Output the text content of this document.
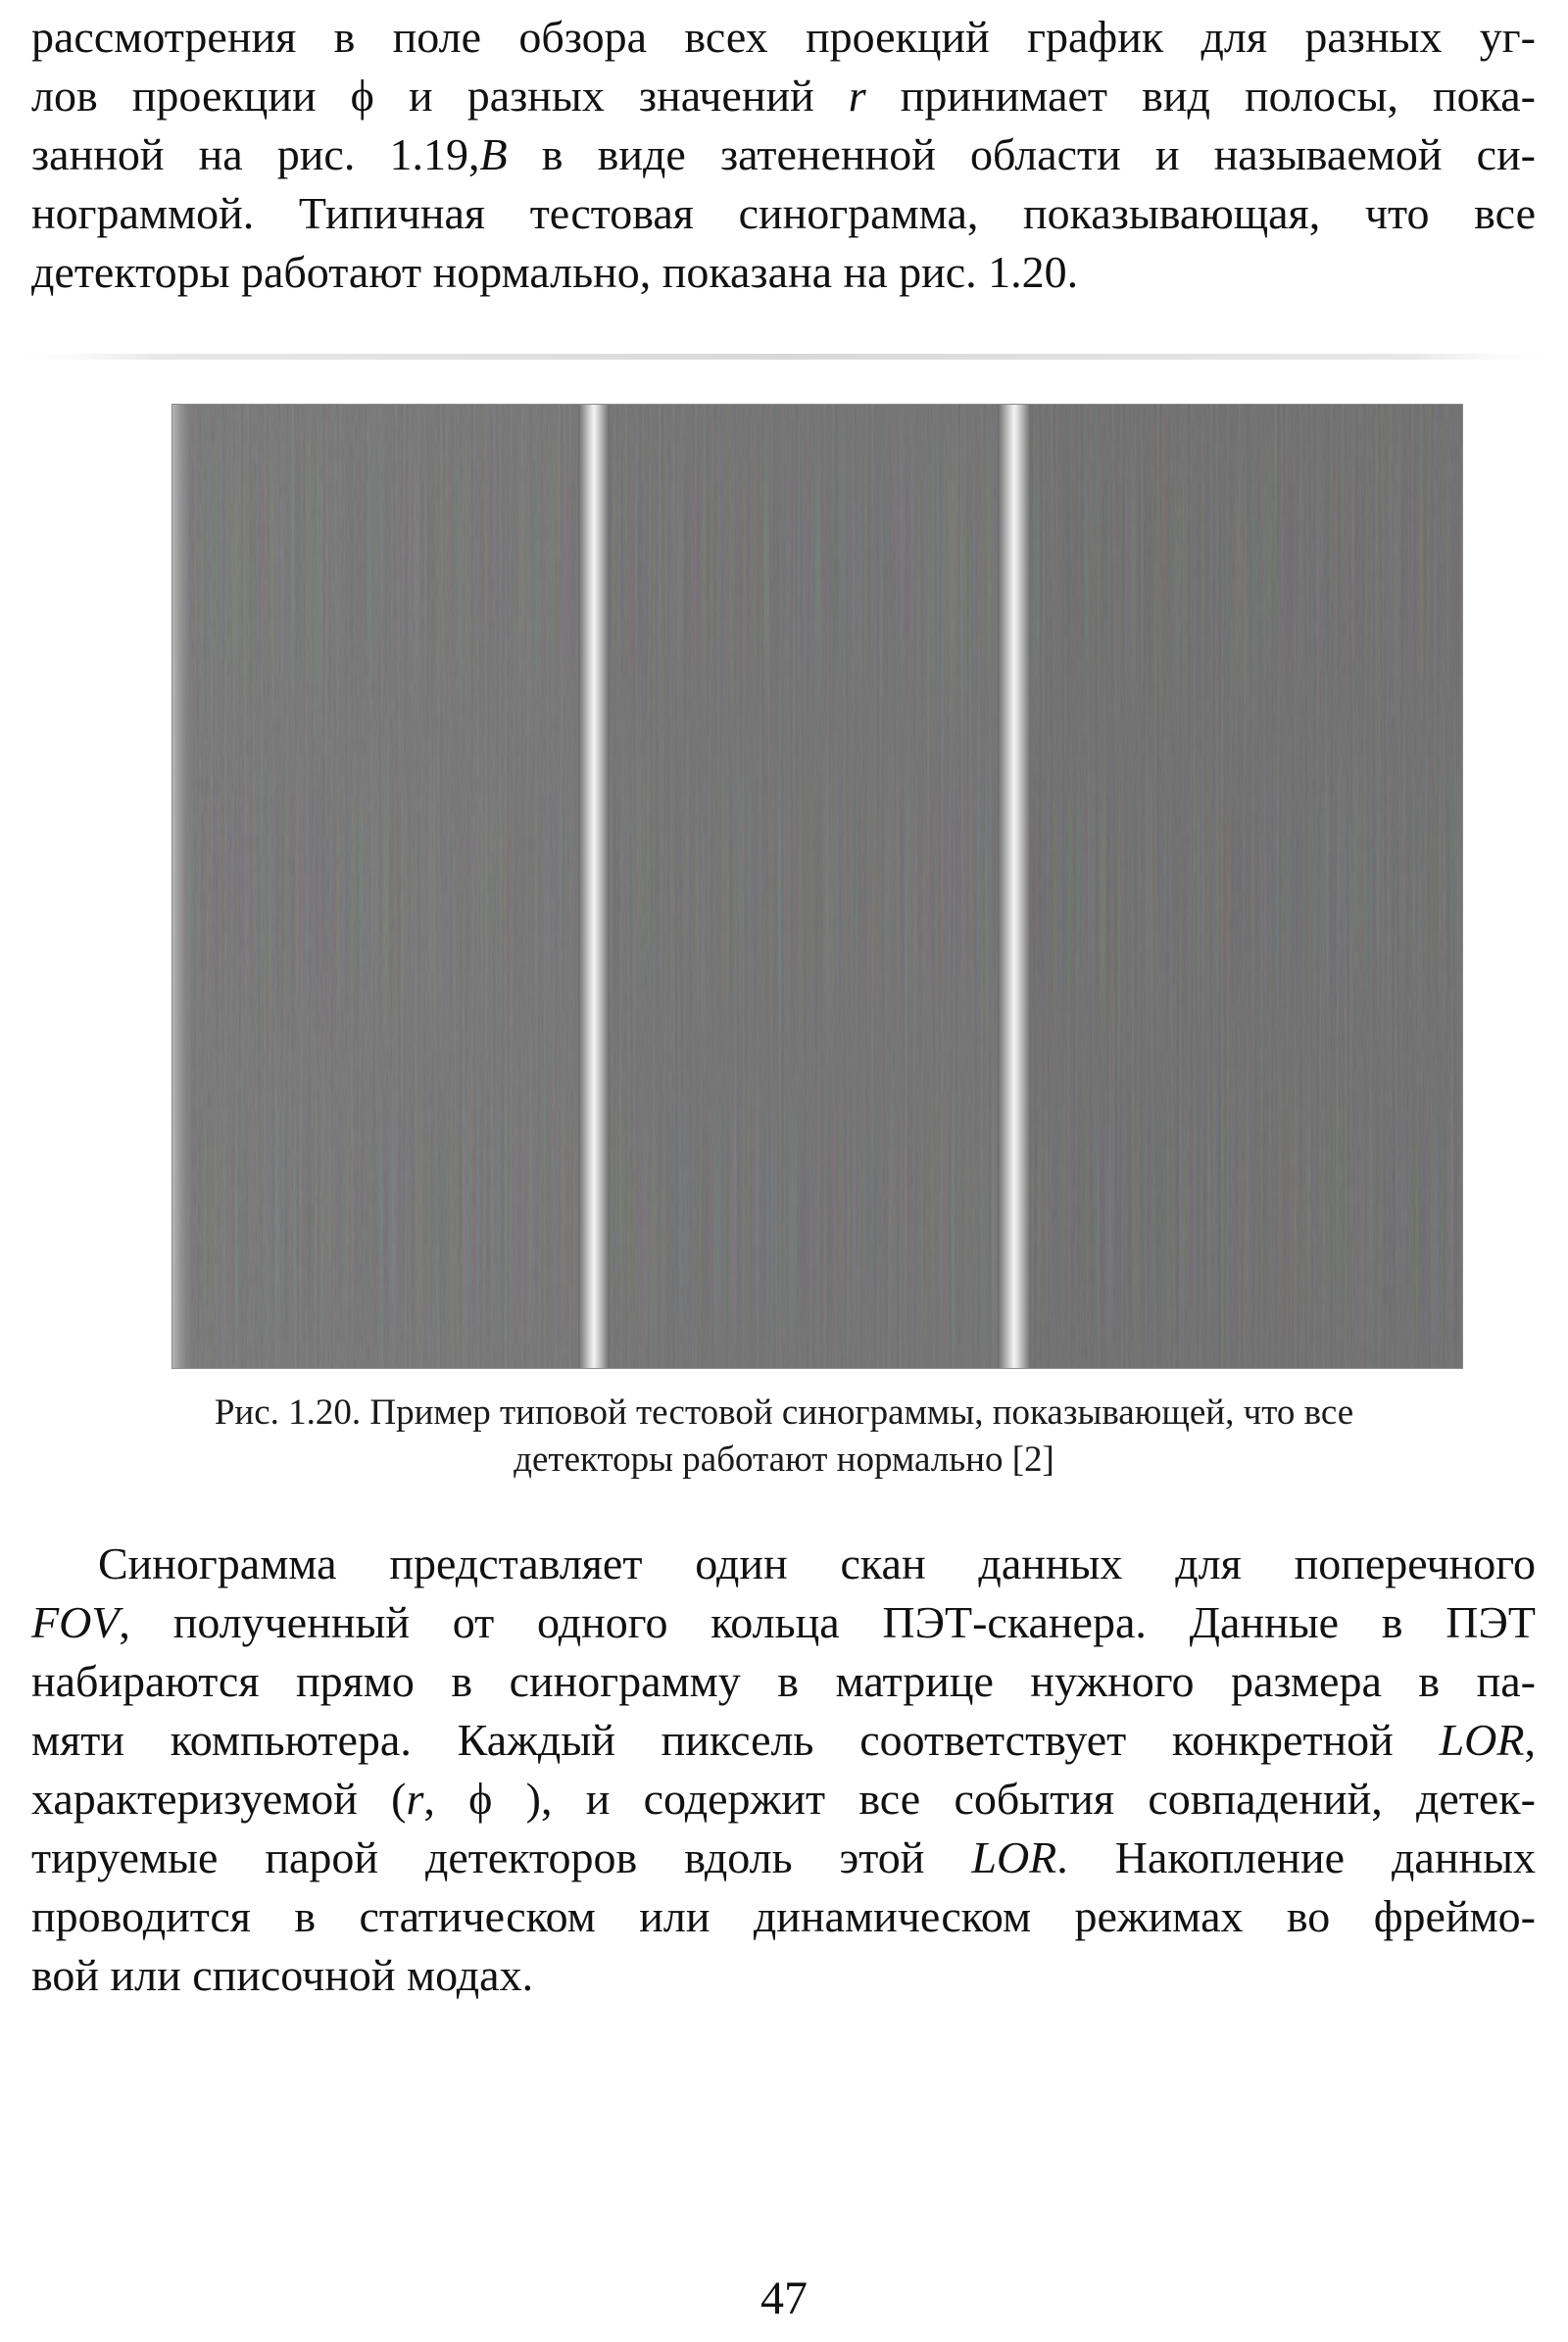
рассмотрения в поле обзора всех проекций график для разных уг-
лов проекции ϕ и разных значений r принимает вид полосы, пока-
занной на рис. 1.19,B в виде затененной области и называемой си-
нограммой. Типичная тестовая синограмма, показывающая, что все
детекторы работают нормально, показана на рис. 1.20.
Рис. 1.20. Пример типовой тестовой синограммы, показывающей, что все
детекторы работают нормально [2]
Синограмма представляет один скан данных для поперечного
FOV, полученный от одного кольца ПЭТ-сканера. Данные в ПЭТ
набираются прямо в синограмму в матрице нужного размера в па-
мяти компьютера. Каждый пиксель соответствует конкретной LOR,
характеризуемой (r, ϕ ), и содержит все события совпадений, детек-
тируемые парой детекторов вдоль этой LOR. Накопление данных
проводится в статическом или динамическом режимах во фреймо-
вой или списочной модах.
47
